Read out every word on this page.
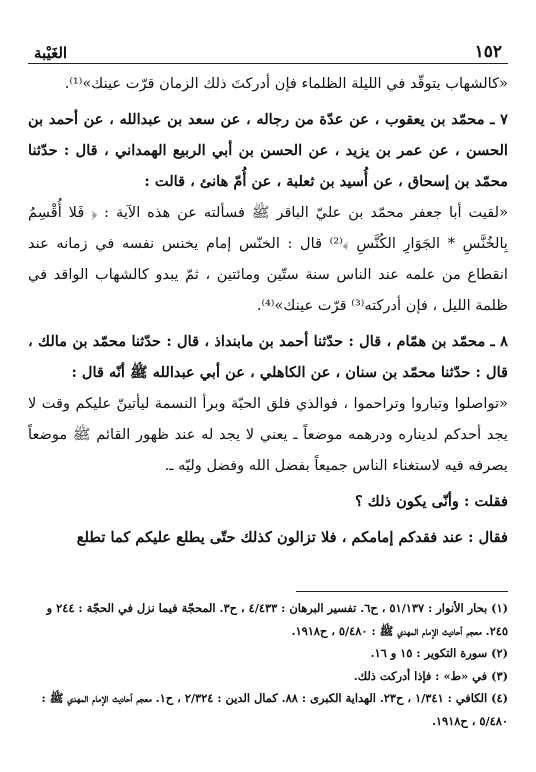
١٥٢
الغَيْبة

«كالشهاب يتوقّد في الليلة الظلماء فإن أدركتَ ذلك الزمان قرّت عينك»⁽¹⁾.

٧ ـ محمّد بن يعقوب ، عن عدّة من رجاله ، عن سعد بن عبدالله ، عن أحمد بن الحسن ، عن عمر بن يزيد ، عن الحسن بن أبي الربيع الهمداني ، قال : حدّثنا محمّد بن إسحاق ، عن أُسيد بن ثعلبة ، عن أُمّ هانئ ، قالت :

«لقيت أبا جعفر محمّد بن عليّ الباقر ﷺ فسألته عن هذه الآية : ﴿ فَلا أُقْسِمُ بِالخُنَّسِ * الجَوَارِ الكُنَّسِ ﴾⁽²⁾ قال : الخنّس إمام يخنس نفسه في زمانه عند انقطاع من علمه عند الناس سنة ستّين ومائتين ، ثمّ يبدو كالشهاب الواقد في ظلمة الليل ، فإن أدركته⁽³⁾ قرّت عينك»⁽⁴⁾.

٨ ـ محمّد بن همّام ، قال : حدّثنا أحمد بن مابنداذ ، قال : حدّثنا محمّد بن مالك ، قال : حدّثنا محمّد بن سنان ، عن الكاهلي ، عن أبي عبدالله ﷺ أنّه قال :

«تواصلوا وتباروا وتراحموا ، فوالذي فلق الحبّة وبرأ النسمة ليأتينّ عليكم وقت لا يجد أحدكم لديناره ودرهمه موضعاً ـ يعني لا يجد له عند ظهور القائم ﷺ موضعاً يصرفه فيه لاستغناء الناس جميعاً بفضل الله وفضل وليّه ـ.

فقلت : وأنّى يكون ذلك ؟

فقال : عند فقدكم إمامكم ، فلا تزالون كذلك حتّى يطلع عليكم كما تطلع

(١) بحار الأنوار : ٥١/١٣٧ ، ح٦. تفسير البرهان : ٤/٤٣٣ ، ح٣. المحجّة فيما نزل في الحجّة : ٢٤٤ و ٢٤٥. معجم أحاديث الإمام المهدي ﷺ : ٥/٤٨٠ ، ح١٩١٨.

(٢) سورة التكوير : ١٥ و ١٦.

(٣) في «ط» : فإذا أدركت ذلك.

(٤) الكافي : ١/٣٤١ ، ح٢٣. الهداية الكبرى : ٨٨. كمال الدين : ٢/٣٢٤ ، ح١. معجم أحاديث الإمام المهدي ﷺ : ٥/٤٨٠ ، ح١٩١٨.
